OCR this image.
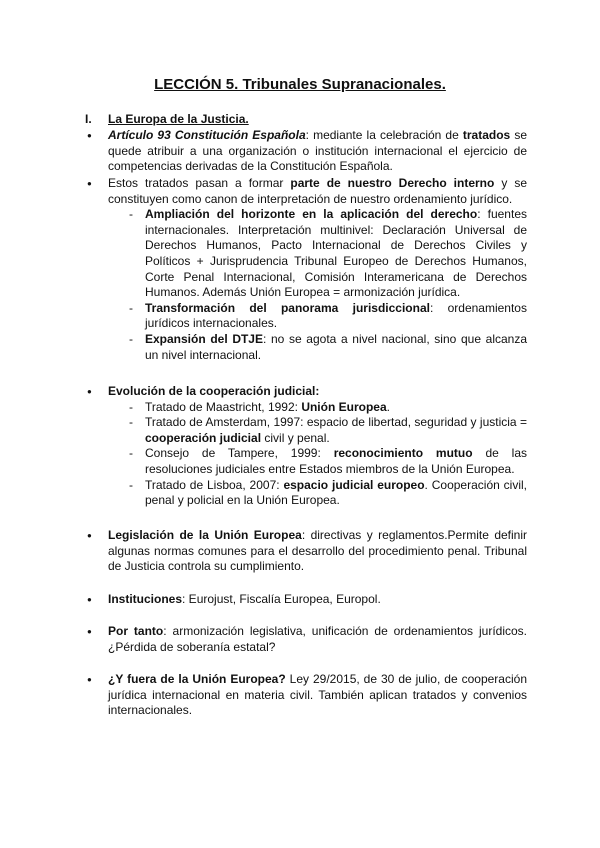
LECCIÓN 5. Tribunales Supranacionales.
I. La Europa de la Justicia.
● Artículo 93 Constitución Española: mediante la celebración de tratados se quede atribuir a una organización o institución internacional el ejercicio de competencias derivadas de la Constitución Española.
● Estos tratados pasan a formar parte de nuestro Derecho interno y se constituyen como canon de interpretación de nuestro ordenamiento jurídico.
- Ampliación del horizonte en la aplicación del derecho: fuentes internacionales. Interpretación multinivel: Declaración Universal de Derechos Humanos, Pacto Internacional de Derechos Civiles y Políticos + Jurisprudencia Tribunal Europeo de Derechos Humanos, Corte Penal Internacional, Comisión Interamericana de Derechos Humanos. Además Unión Europea = armonización jurídica.
- Transformación del panorama jurisdiccional: ordenamientos jurídicos internacionales.
- Expansión del DTJE: no se agota a nivel nacional, sino que alcanza un nivel internacional.
● Evolución de la cooperación judicial:
- Tratado de Maastricht, 1992: Unión Europea.
- Tratado de Amsterdam, 1997: espacio de libertad, seguridad y justicia = cooperación judicial civil y penal.
- Consejo de Tampere, 1999: reconocimiento mutuo de las resoluciones judiciales entre Estados miembros de la Unión Europea.
- Tratado de Lisboa, 2007: espacio judicial europeo. Cooperación civil, penal y policial en la Unión Europea.
● Legislación de la Unión Europea: directivas y reglamentos.Permite definir algunas normas comunes para el desarrollo del procedimiento penal. Tribunal de Justicia controla su cumplimiento.
● Instituciones: Eurojust, Fiscalía Europea, Europol.
● Por tanto: armonización legislativa, unificación de ordenamientos jurídicos. ¿Pérdida de soberanía estatal?
● ¿Y fuera de la Unión Europea? Ley 29/2015, de 30 de julio, de cooperación jurídica internacional en materia civil. También aplican tratados y convenios internacionales.
